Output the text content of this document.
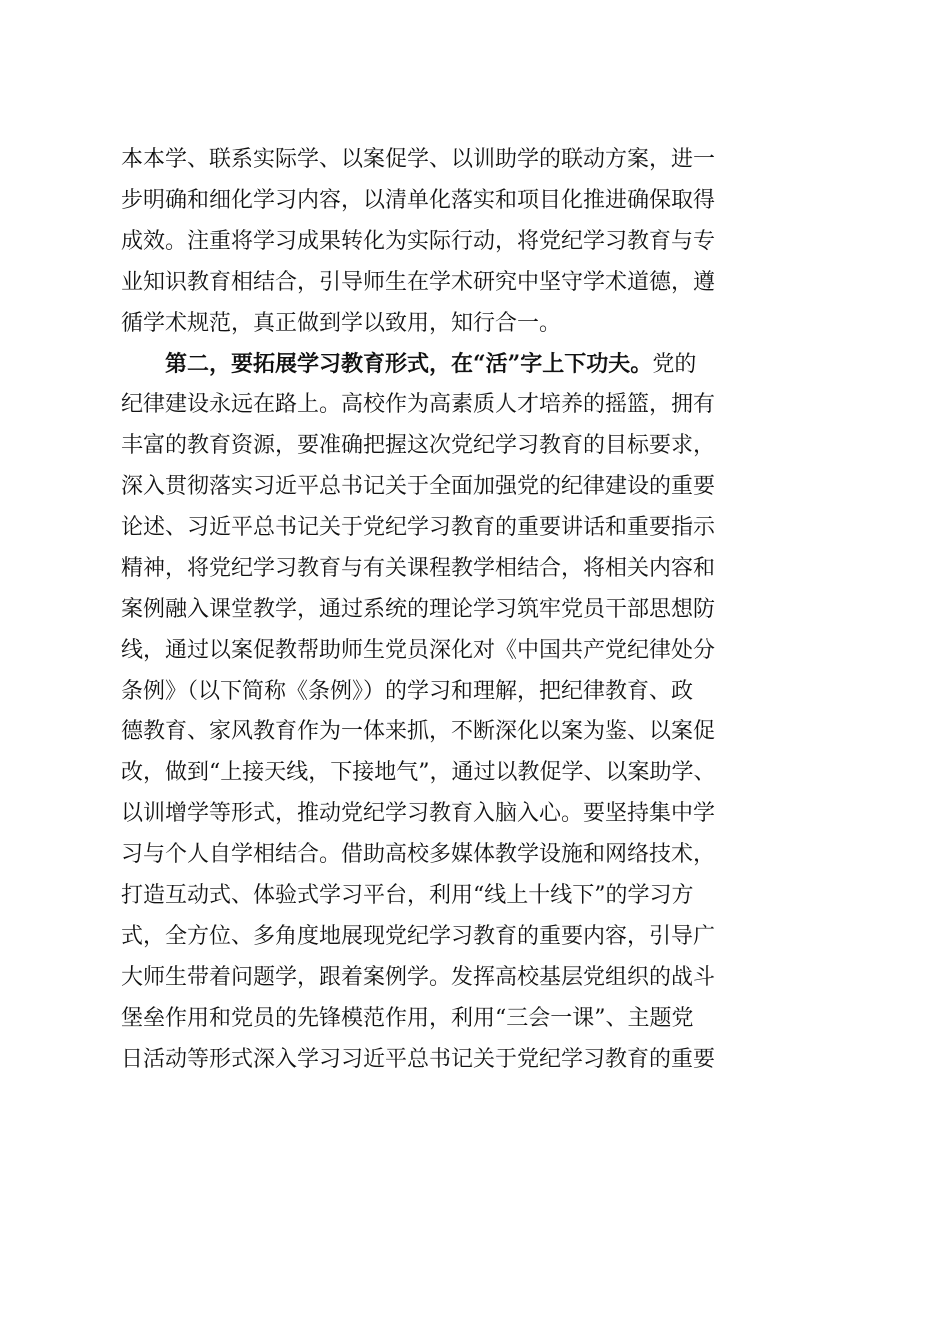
本本学、联系实际学、以案促学、以训助学的联动方案，进一
步明确和细化学习内容，以清单化落实和项目化推进确保取得
成效。注重将学习成果转化为实际行动，将党纪学习教育与专
业知识教育相结合，引导师生在学术研究中坚守学术道德，遵
循学术规范，真正做到学以致用，知行合一。
第二，要拓展学习教育形式，在“活”字上下功夫。党的
纪律建设永远在路上。高校作为高素质人才培养的摇篮，拥有
丰富的教育资源，要准确把握这次党纪学习教育的目标要求，
深入贯彻落实习近平总书记关于全面加强党的纪律建设的重要
论述、习近平总书记关于党纪学习教育的重要讲话和重要指示
精神，将党纪学习教育与有关课程教学相结合，将相关内容和
案例融入课堂教学，通过系统的理论学习筑牢党员干部思想防
线，通过以案促教帮助师生党员深化对《中国共产党纪律处分
条例》（以下简称《条例》）的学习和理解，把纪律教育、政
德教育、家风教育作为一体来抓，不断深化以案为鉴、以案促
改，做到“上接天线，下接地气”，通过以教促学、以案助学、
以训增学等形式，推动党纪学习教育入脑入心。要坚持集中学
习与个人自学相结合。借助高校多媒体教学设施和网络技术，
打造互动式、体验式学习平台，利用“线上十线下”的学习方
式，全方位、多角度地展现党纪学习教育的重要内容，引导广
大师生带着问题学，跟着案例学。发挥高校基层党组织的战斗
堡垒作用和党员的先锋模范作用，利用“三会一课”、主题党
日活动等形式深入学习习近平总书记关于党纪学习教育的重要
